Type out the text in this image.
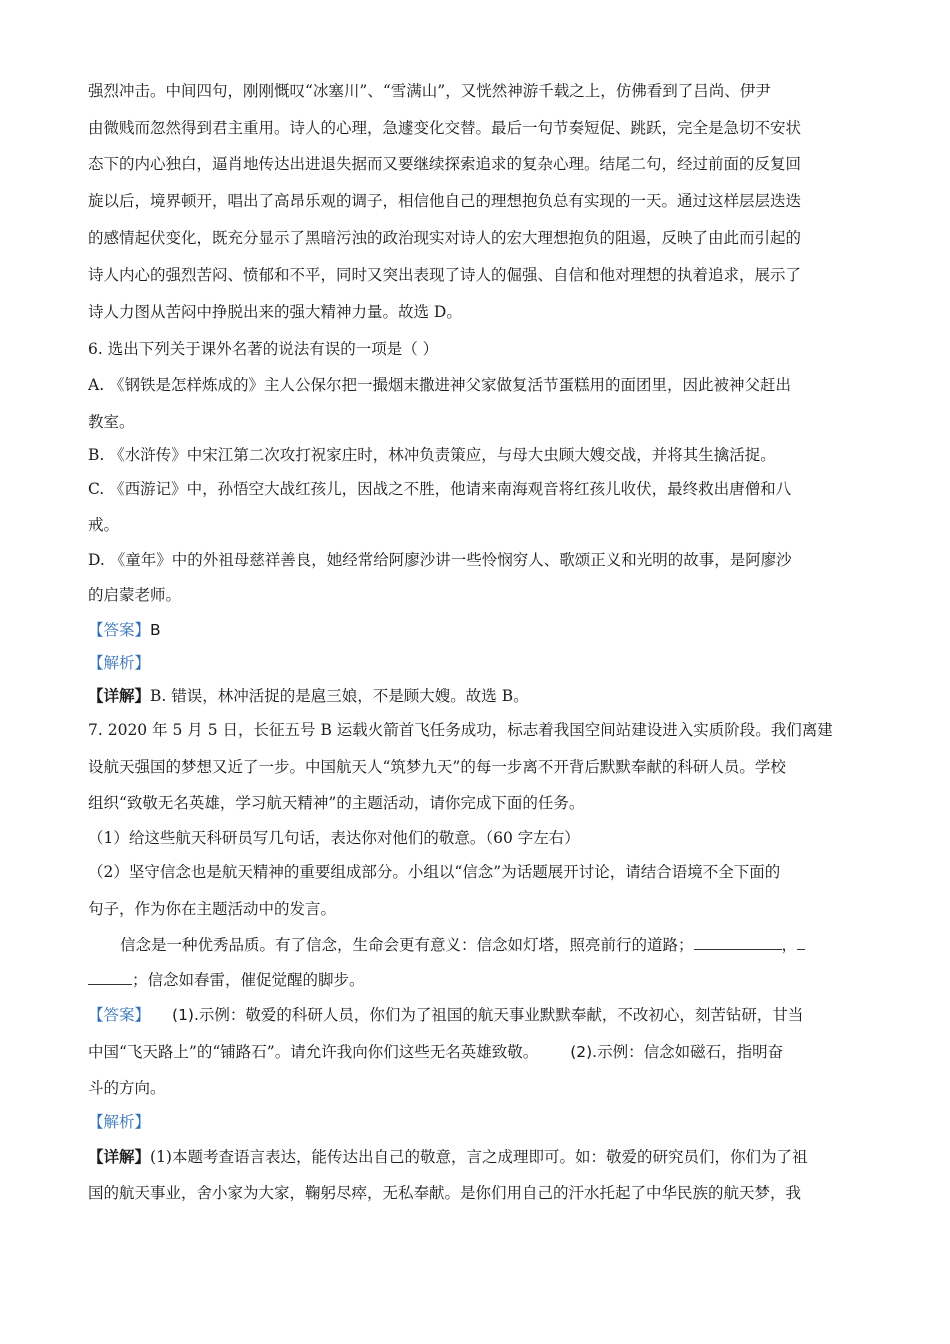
强烈冲击。中间四句，刚刚慨叹“冰塞川”、“雪满山”，又恍然神游千载之上，仿佛看到了吕尚、伊尹
由微贱而忽然得到君主重用。诗人的心理，急遽变化交替。最后一句节奏短促、跳跃，完全是急切不安状
态下的内心独白，逼肖地传达出进退失据而又要继续探索追求的复杂心理。结尾二句，经过前面的反复回
旋以后，境界顿开，唱出了高昂乐观的调子，相信他自己的理想抱负总有实现的一天。通过这样层层迭迭
的感情起伏变化，既充分显示了黑暗污浊的政治现实对诗人的宏大理想抱负的阻遏，反映了由此而引起的
诗人内心的强烈苦闷、愤郁和不平，同时又突出表现了诗人的倔强、自信和他对理想的执着追求，展示了
诗人力图从苦闷中挣脱出来的强大精神力量。故选 D。
6. 选出下列关于课外名著的说法有误的一项是（ ）
A. 《钢铁是怎样炼成的》主人公保尔把一撮烟末撒进神父家做复活节蛋糕用的面团里，因此被神父赶出
教室。
B. 《水浒传》中宋江第二次攻打祝家庄时，林冲负责策应，与母大虫顾大嫂交战，并将其生擒活捉。
C. 《西游记》中，孙悟空大战红孩儿，因战之不胜，他请来南海观音将红孩儿收伏，最终救出唐僧和八
戒。
D. 《童年》中的外祖母慈祥善良，她经常给阿廖沙讲一些怜悯穷人、歌颂正义和光明的故事，是阿廖沙
的启蒙老师。
【答案】B
【解析】
【详解】B. 错误，林冲活捉的是扈三娘，不是顾大嫂。故选 B。
7. 2020 年 5 月 5 日，长征五号 B 运载火箭首飞任务成功，标志着我国空间站建设进入实质阶段。我们离建
设航天强国的梦想又近了一步。中国航天人“筑梦九天”的每一步离不开背后默默奉献的科研人员。学校
组织“致敬无名英雄，学习航天精神”的主题活动，请你完成下面的任务。
（1）给这些航天科研员写几句话，表达你对他们的敬意。（60 字左右）
（2）坚守信念也是航天精神的重要组成部分。小组以“信念”为话题展开讨论，请结合语境不全下面的
句子，作为你在主题活动中的发言。
信念是一种优秀品质。有了信念，生命会更有意义：信念如灯塔，照亮前行的道路；	，
；信念如春雷，催促觉醒的脚步。
【答案】 (1).示例：敬爱的科研人员，你们为了祖国的航天事业默默奉献，不改初心，刻苦钻研，甘当
中国“飞天路上”的“铺路石”。请允许我向你们这些无名英雄致敬。 (2).示例：信念如磁石，指明奋
斗的方向。
【解析】
【详解】(1)本题考查语言表达，能传达出自己的敬意，言之成理即可。如：敬爱的研究员们，你们为了祖
国的航天事业，舍小家为大家，鞠躬尽瘁，无私奉献。是你们用自己的汗水托起了中华民族的航天梦，我
